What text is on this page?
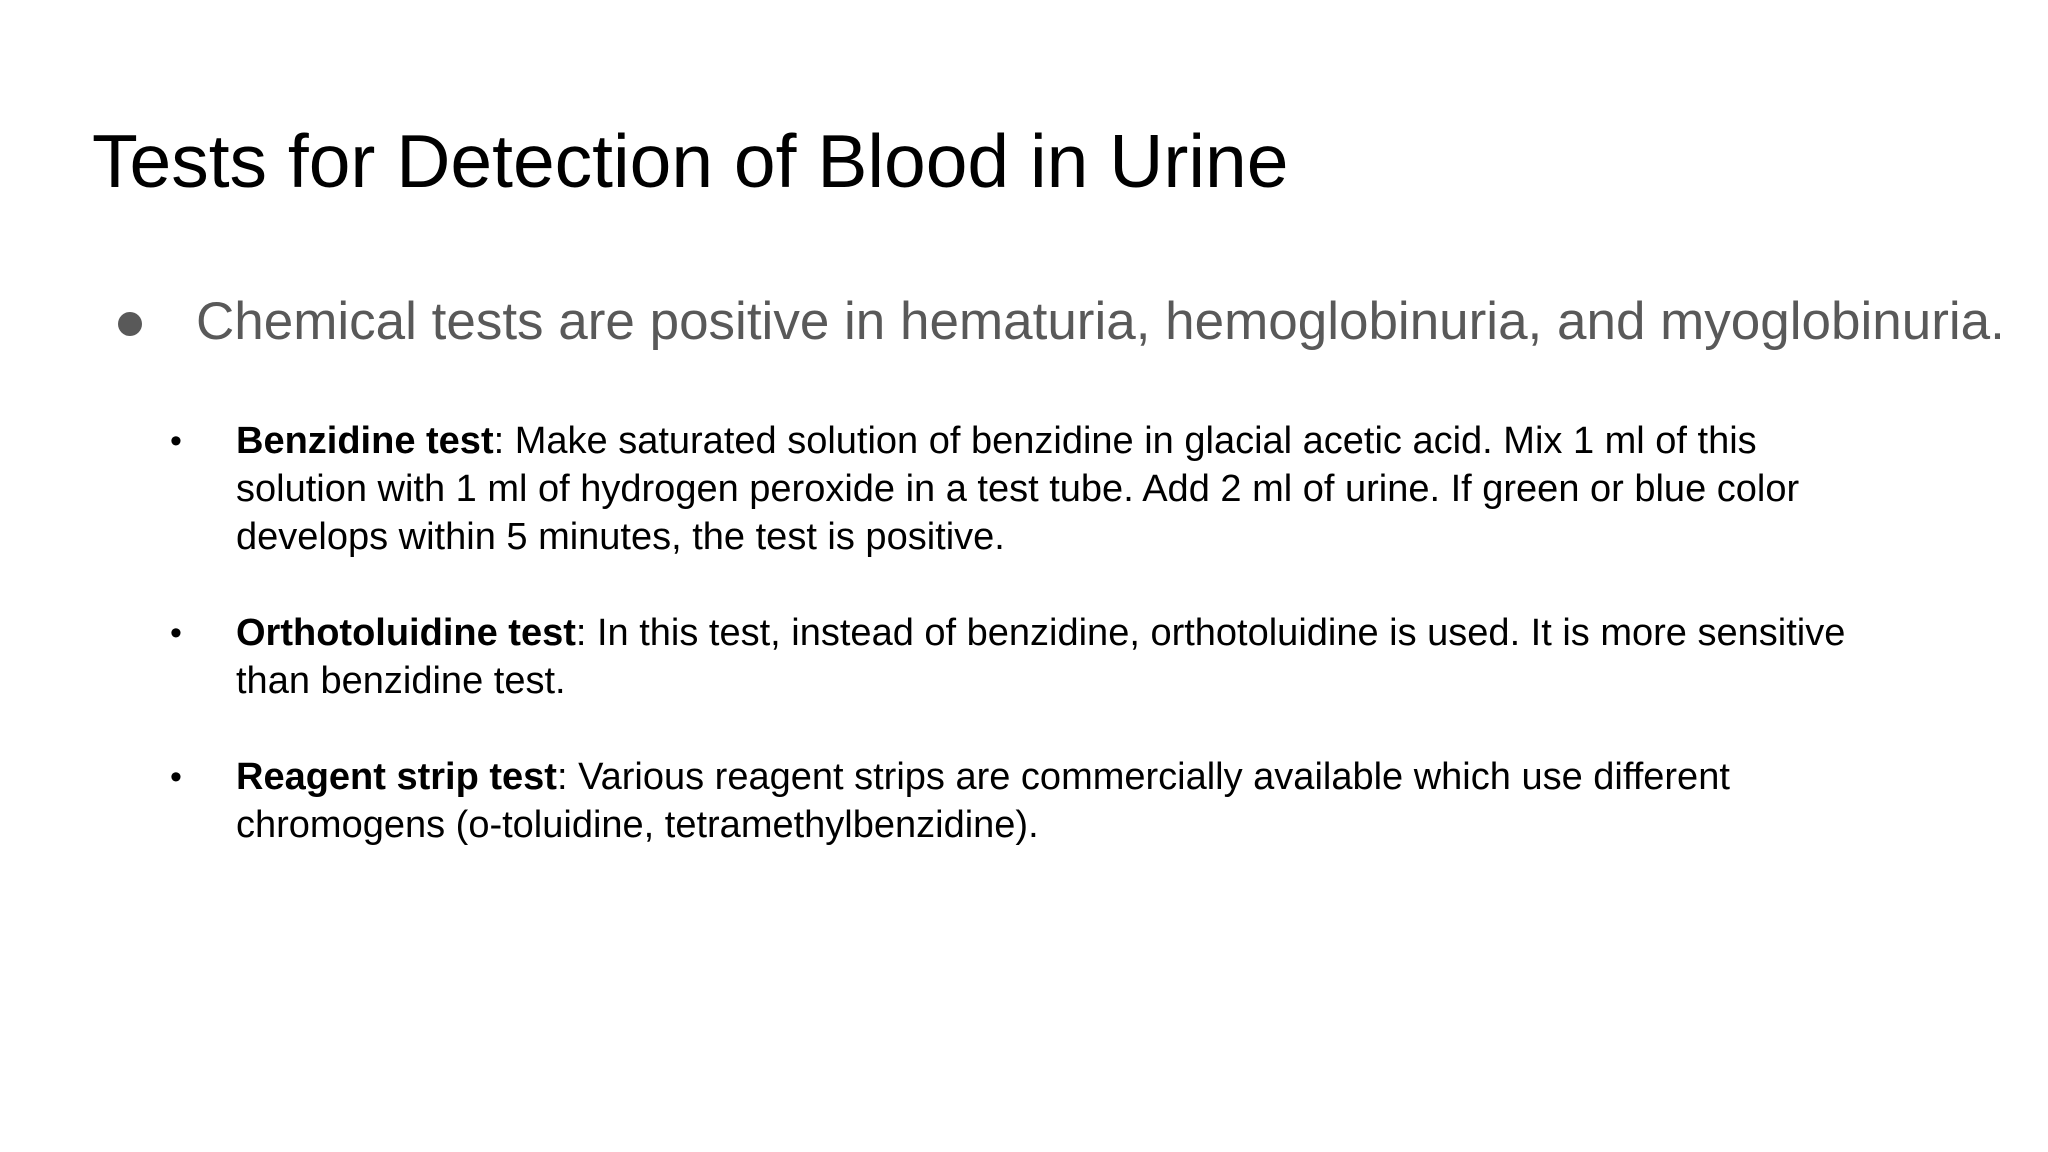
Tests for Detection of Blood in Urine
Chemical tests are positive in hematuria, hemoglobinuria, and myoglobinuria.
•	Benzidine test: Make saturated solution of benzidine in glacial acetic acid. Mix 1 ml of this solution with 1 ml of hydrogen peroxide in a test tube. Add 2 ml of urine. If green or blue color develops within 5 minutes, the test is positive.
•	Orthotoluidine test: In this test, instead of benzidine, orthotoluidine is used. It is more sensitive than benzidine test.
•	Reagent strip test: Various reagent strips are commercially available which use different chromogens (o-toluidine, tetramethylbenzidine).
